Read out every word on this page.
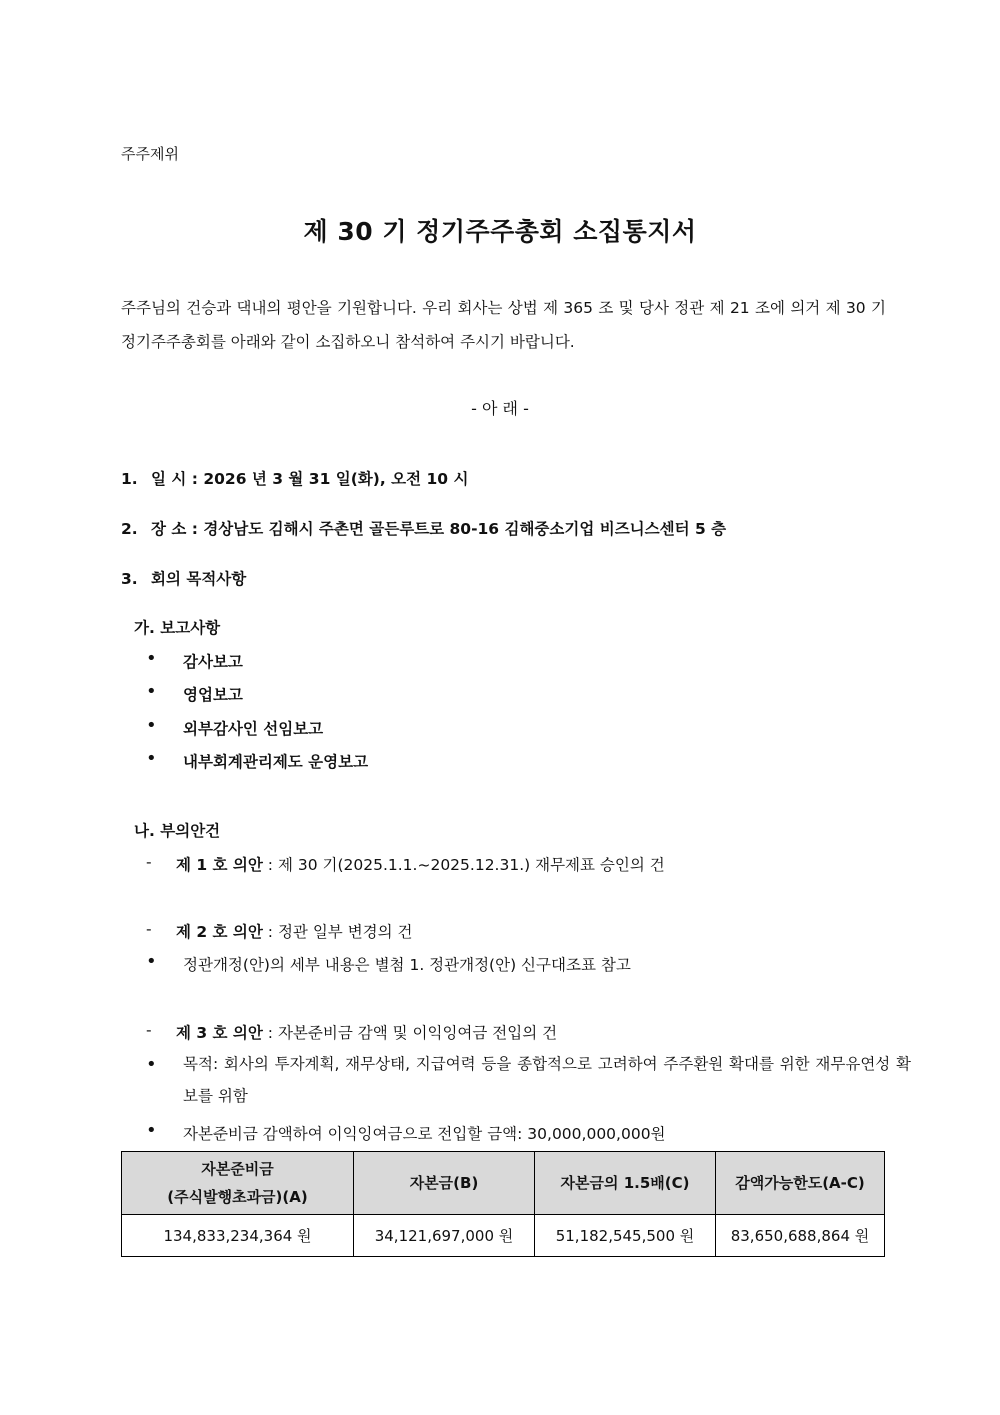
주주제위
제 30 기 정기주주총회 소집통지서
주주님의 건승과 댁내의 평안을 기원합니다. 우리 회사는 상법 제 365 조 및 당사 정관 제 21 조에 의거 제 30 기 정기주주총회를 아래와 같이 소집하오니 참석하여 주시기 바랍니다.
- 아 래 -
1. 일 시 : 2026 년 3 월 31 일(화), 오전 10 시
2. 장 소 : 경상남도 김해시 주촌면 골든루트로 80-16 김해중소기업 비즈니스센터 5 층
3. 회의 목적사항
가. 보고사항
• 감사보고
• 영업보고
• 외부감사인 선임보고
• 내부회계관리제도 운영보고
나. 부의안건
- 제 1 호 의안 : 제 30 기(2025.1.1.~2025.12.31.) 재무제표 승인의 건
- 제 2 호 의안 : 정관 일부 변경의 건
• 정관개정(안)의 세부 내용은 별첨 1. 정관개정(안) 신구대조표 참고
- 제 3 호 의안 : 자본준비금 감액 및 이익잉여금 전입의 건
• 목적: 회사의 투자계획, 재무상태, 지급여력 등을 종합적으로 고려하여 주주환원 확대를 위한 재무유연성 확보를 위함
• 자본준비금 감액하여 이익잉여금으로 전입할 금액: 30,000,000,000원
자본준비금
(주식발행초과금)(A)	자본금(B)	자본금의 1.5배(C)	감액가능한도(A-C)
134,833,234,364 원	34,121,697,000 원	51,182,545,500 원	83,650,688,864 원
